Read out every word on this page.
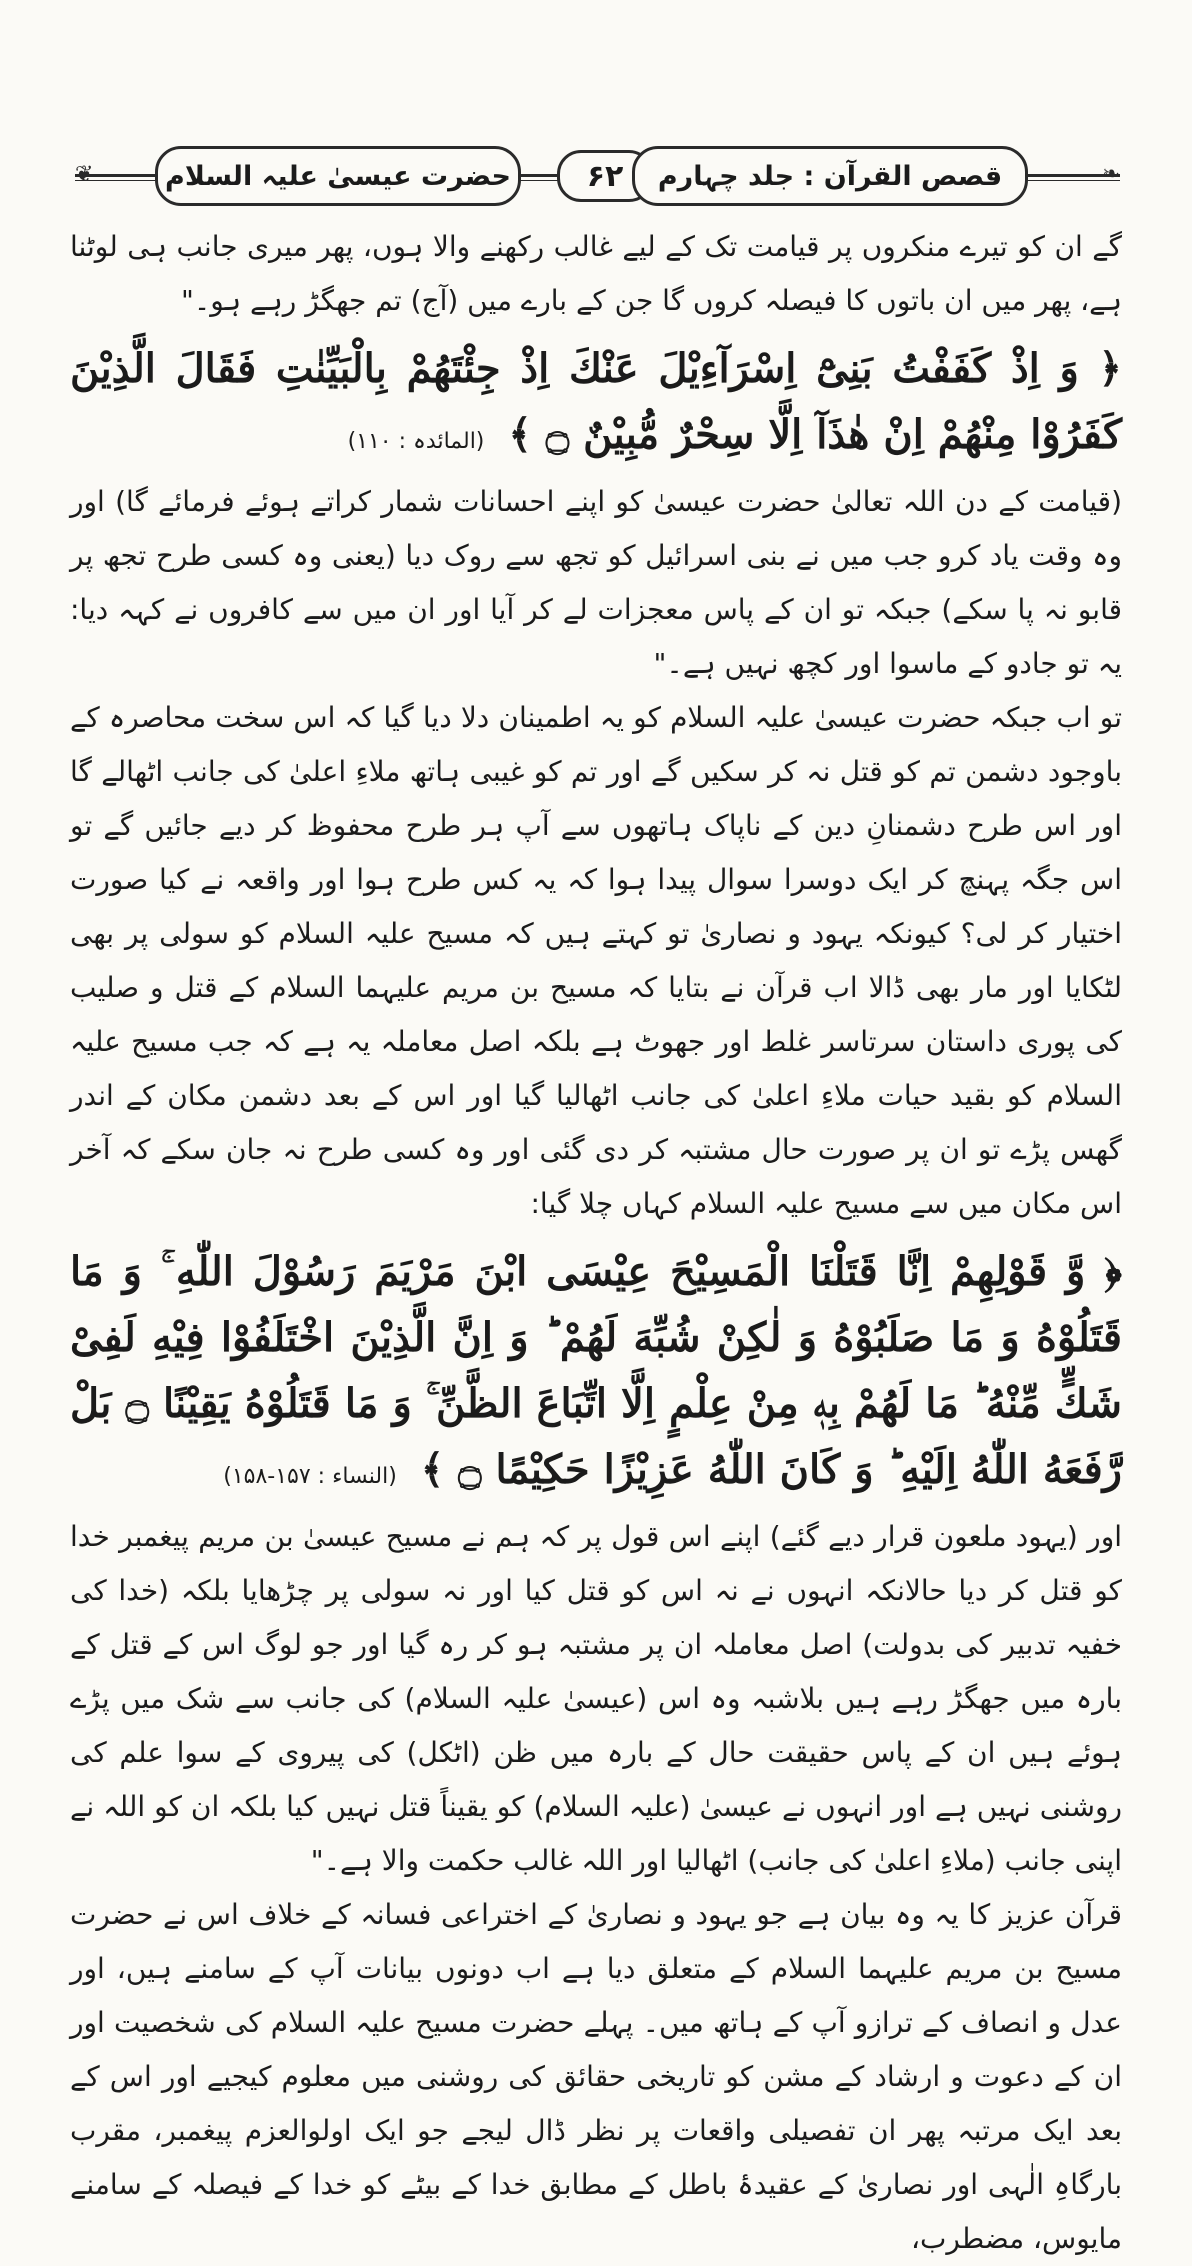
❦	❧
حضرت عیسیٰ علیہ السلام	۶۲	قصص القرآن : جلد چہارم

گے ان کو تیرے منکروں پر قیامت تک کے لیے غالب رکھنے والا ہوں، پھر میری جانب ہی لوٹنا ہے، پھر میں ان باتوں کا فیصلہ کروں گا جن کے بارے میں (آج) تم جھگڑ رہے ہو۔"

﴿ وَ اِذْ كَفَفْتُ بَنِیْٓ اِسْرَآءِیْلَ عَنْكَ اِذْ جِئْتَهُمْ بِالْبَیِّنٰتِ فَقَالَ الَّذِیْنَ كَفَرُوْا مِنْهُمْ اِنْ هٰذَآ اِلَّا سِحْرٌ مُّبِیْنٌ ۝ ﴾ (المائدہ : ۱۱۰)

(قیامت کے دن اللہ تعالیٰ حضرت عیسیٰ کو اپنے احسانات شمار کراتے ہوئے فرمائے گا) اور وہ وقت یاد کرو جب میں نے بنی اسرائیل کو تجھ سے روک دیا (یعنی وہ کسی طرح تجھ پر قابو نہ پا سکے) جبکہ تو ان کے پاس معجزات لے کر آیا اور ان میں سے کافروں نے کہہ دیا: یہ تو جادو کے ماسوا اور کچھ نہیں ہے۔"

تو اب جبکہ حضرت عیسیٰ علیہ السلام کو یہ اطمینان دلا دیا گیا کہ اس سخت محاصرہ کے باوجود دشمن تم کو قتل نہ کر سکیں گے اور تم کو غیبی ہاتھ ملاءِ اعلیٰ کی جانب اٹھالے گا اور اس طرح دشمنانِ دین کے ناپاک ہاتھوں سے آپ ہر طرح محفوظ کر دیے جائیں گے تو اس جگہ پہنچ کر ایک دوسرا سوال پیدا ہوا کہ یہ کس طرح ہوا اور واقعہ نے کیا صورت اختیار کر لی؟ کیونکہ یہود و نصاریٰ تو کہتے ہیں کہ مسیح علیہ السلام کو سولی پر بھی لٹکایا اور مار بھی ڈالا اب قرآن نے بتایا کہ مسیح بن مریم علیہما السلام کے قتل و صلیب کی پوری داستان سرتاسر غلط اور جھوٹ ہے بلکہ اصل معاملہ یہ ہے کہ جب مسیح علیہ السلام کو بقید حیات ملاءِ اعلیٰ کی جانب اٹھالیا گیا اور اس کے بعد دشمن مکان کے اندر گھس پڑے تو ان پر صورت حال مشتبہ کر دی گئی اور وہ کسی طرح نہ جان سکے کہ آخر اس مکان میں سے مسیح علیہ السلام کہاں چلا گیا:

﴿ وَّ قَوْلِهِمْ اِنَّا قَتَلْنَا الْمَسِیْحَ عِیْسَى ابْنَ مَرْیَمَ رَسُوْلَ اللّٰهِ ۚ وَ مَا قَتَلُوْهُ وَ مَا صَلَبُوْهُ وَ لٰكِنْ شُبِّهَ لَهُمْ ؕ وَ اِنَّ الَّذِیْنَ اخْتَلَفُوْا فِیْهِ لَفِیْ شَكٍّ مِّنْهُ ؕ مَا لَهُمْ بِهٖ مِنْ عِلْمٍ اِلَّا اتِّبَاعَ الظَّنِّ ۚ وَ مَا قَتَلُوْهُ یَقِیْنًا ۝ بَلْ رَّفَعَهُ اللّٰهُ اِلَیْهِ ؕ وَ كَانَ اللّٰهُ عَزِیْزًا حَكِیْمًا ۝ ﴾ (النساء : ۱۵۷-۱۵۸)

اور (یہود ملعون قرار دیے گئے) اپنے اس قول پر کہ ہم نے مسیح عیسیٰ بن مریم پیغمبر خدا کو قتل کر دیا حالانکہ انہوں نے نہ اس کو قتل کیا اور نہ سولی پر چڑھایا بلکہ (خدا کی خفیہ تدبیر کی بدولت) اصل معاملہ ان پر مشتبہ ہو کر رہ گیا اور جو لوگ اس کے قتل کے بارہ میں جھگڑ رہے ہیں بلاشبہ وہ اس (عیسیٰ علیہ السلام) کی جانب سے شک میں پڑے ہوئے ہیں ان کے پاس حقیقت حال کے بارہ میں ظن (اٹکل) کی پیروی کے سوا علم کی روشنی نہیں ہے اور انہوں نے عیسیٰ (علیہ السلام) کو یقیناً قتل نہیں کیا بلکہ ان کو اللہ نے اپنی جانب (ملاءِ اعلیٰ کی جانب) اٹھالیا اور اللہ غالب حکمت والا ہے۔"

قرآن عزیز کا یہ وہ بیان ہے جو یہود و نصاریٰ کے اختراعی فسانہ کے خلاف اس نے حضرت مسیح بن مریم علیہما السلام کے متعلق دیا ہے اب دونوں بیانات آپ کے سامنے ہیں، اور عدل و انصاف کے ترازو آپ کے ہاتھ میں۔ پہلے حضرت مسیح علیہ السلام کی شخصیت اور ان کے دعوت و ارشاد کے مشن کو تاریخی حقائق کی روشنی میں معلوم کیجیے اور اس کے بعد ایک مرتبہ پھر ان تفصیلی واقعات پر نظر ڈال لیجے جو ایک اولوالعزم پیغمبر، مقرب بارگاہِ الٰہی اور نصاریٰ کے عقیدۂ باطل کے مطابق خدا کے بیٹے کو خدا کے فیصلہ کے سامنے مایوس، مضطرب،
